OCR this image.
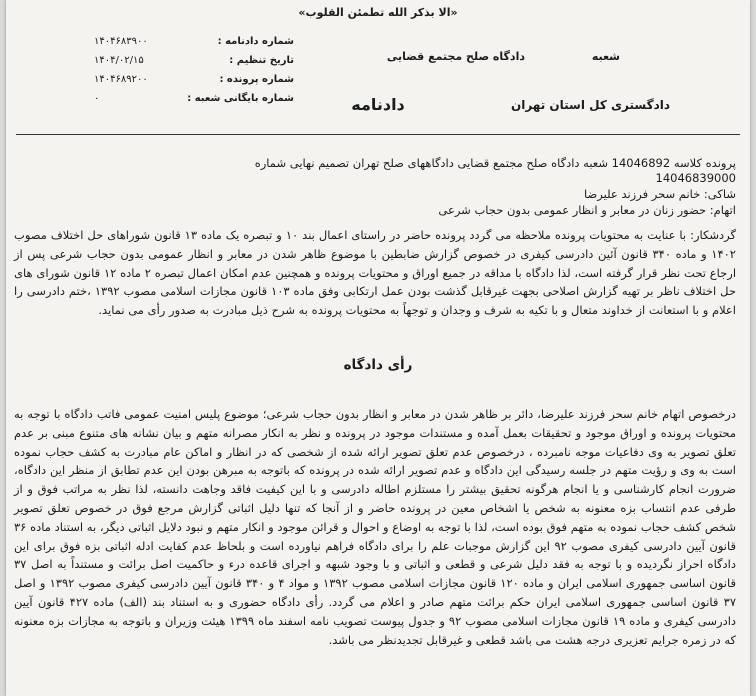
«الا بذکر الله تطمئن القلوب»
شماره دادنامه :
۱۴۰۴۶۸۳۹۰۰
تاریخ تنظیم :
۱۴۰۴/۰۲/۱۵
شماره پرونده :
۱۴۰۴۶۸۹۲۰۰
شماره بایگانی شعبه :
۰
دادگاه صلح مجتمع قضایی	شعبه
دادنامه	دادگستری کل استان تهران
پرونده کلاسه 14046892 شعبه دادگاه صلح مجتمع قضایی دادگاههای صلح تهران تصمیم نهایی شماره
14046839000
شاکی: خانم سحر فرزند علیرضا
اتهام: حضور زنان در معابر و انظار عمومی بدون حجاب شرعی
گردشکار: با عنایت به محتویات پرونده ملاحظه می گردد پرونده حاضر در راستای اعمال بند ۱۰ و تبصره یک ماده ۱۳ قانون شوراهای حل اختلاف مصوب ۱۴۰۲ و ماده ۳۴۰ قانون آئین دادرسی کیفری در خصوص گزارش ضابطین با موضوع ظاهر شدن در معابر و انظار عمومی بدون حجاب شرعی پس از ارجاع تحت نظر قرار گرفته است، لذا دادگاه با مداقه در جمیع اوراق و محتویات پرونده و همچنین عدم امکان اعمال تبصره ۲ ماده ۱۲ قانون شورای های حل اختلاف ناظر بر تهیه گزارش اصلاحی بجهت غیرقابل گذشت بودن عمل ارتکابی وفق ماده ۱۰۳ قانون مجازات اسلامی مصوب ۱۳۹۲ ،ختم دادرسی را اعلام و با استعانت از خداوند متعال و با تکیه به شرف و وجدان و توجهاً به محتویات پرونده به شرح ذیل مبادرت به صدور رأی می نماید.
رأی دادگاه
درخصوص اتهام خانم سحر فرزند علیرضا، دائر بر ظاهر شدن در معابر و انظار بدون حجاب شرعی؛ موضوع پلیس امنیت عمومی فاتب دادگاه با توجه به محتویات پرونده و اوراق موجود و تحقیقات بعمل آمده و مستندات موجود در پرونده و نظر به انکار مصرانه متهم و بیان نشانه های متنوع مبنی بر عدم تعلق تصویر به وی دفاعیات موجه نامبرده ، درخصوص عدم تعلق تصویر ارائه شده از شخصی که در انظار و اماکن عام مبادرت به کشف حجاب نموده است به وی و رؤیت متهم در جلسه رسیدگی این دادگاه و عدم تصویر ارائه شده در پرونده که باتوجه به مبرهن بودن این عدم تطابق از منظر این دادگاه، ضرورت انجام کارشناسی و یا انجام هرگونه تحقیق بیشتر را مستلزم اطاله دادرسی و با این کیفیت فاقد وجاهت دانسته، لذا نظر به مراتب فوق و از طرفی عدم انتساب بزه معنونه به شخص یا اشخاص معین در پرونده حاضر و از آنجا که تنها دلیل اثباتی گزارش مرجع فوق در خصوص تعلق تصویر شخص کشف حجاب نموده به متهم فوق بوده است، لذا با توجه به اوضاع و احوال و قرائن موجود و انکار متهم و نبود دلایل اثباتی دیگر، به استناد ماده ۳۶ قانون آیین دادرسی کیفری مصوب ۹۲ این گزارش موجبات علم را برای دادگاه فراهم نیاورده است و بلحاظ عدم کفایت ادله اثباتی بزه فوق برای این دادگاه احراز نگردیده و با توجه به فقد دلیل شرعی و قطعی و اثباتی و با وجود شبهه و اجرای قاعده درء و حاکمیت اصل برائت و مستنداً به اصل ۳۷ قانون اساسی جمهوری اسلامی ایران و ماده ۱۲۰ قانون مجازات اسلامی مصوب ۱۳۹۲ و مواد ۴ و ۳۴۰ قانون آیین دادرسی کیفری مصوب ۱۳۹۲ و اصل ۳۷ قانون اساسی جمهوری اسلامی ایران حکم برائت متهم صادر و اعلام می گردد. رأی دادگاه حضوری و به استناد بند (الف) ماده ۴۲۷ قانون آیین دادرسی کیفری و ماده ۱۹ قانون مجازات اسلامی مصوب ۹۲ و جدول پیوست تصویب نامه اسفند ماه ۱۳۹۹ هیئت وزیران و باتوجه به مجازات بزه معنونه که در زمره جرایم تعزیری درجه هشت می باشد قطعی و غیرقابل تجدیدنظر می باشد.
